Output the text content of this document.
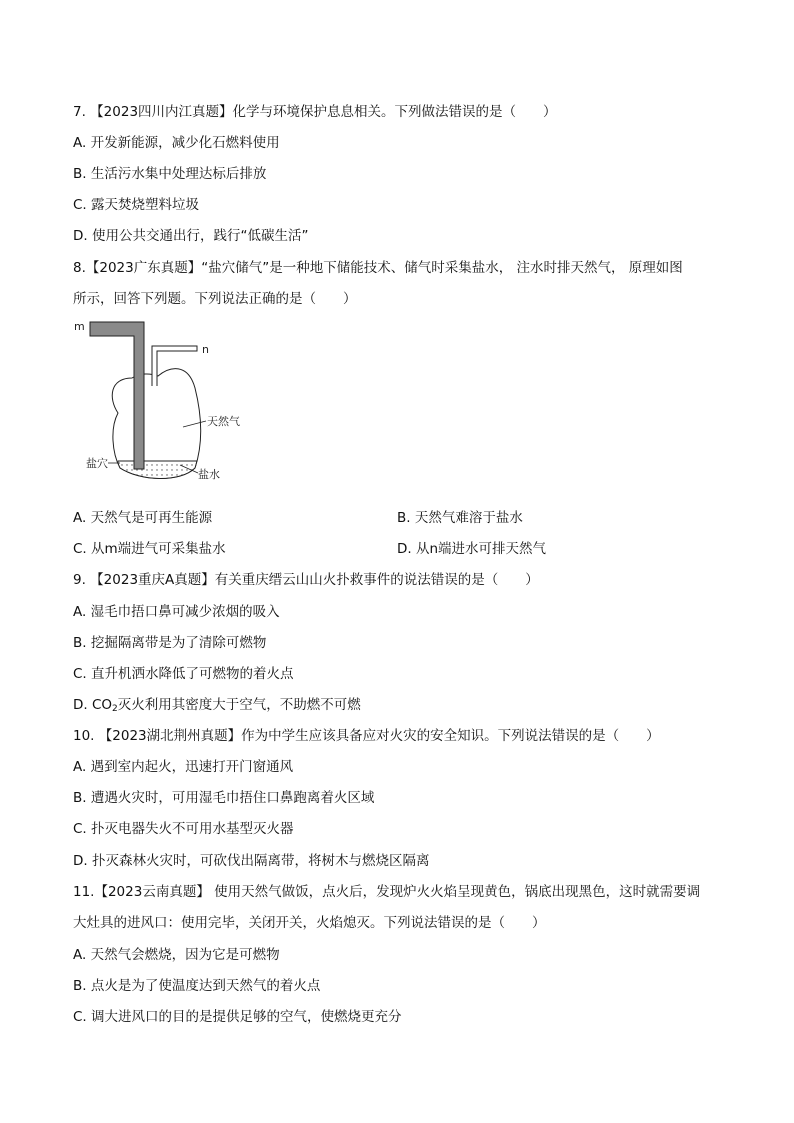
7. 【2023四川内江真题】化学与环境保护息息相关。下列做法错误的是（　　）
A. 开发新能源，减少化石燃料使用
B. 生活污水集中处理达标后排放
C. 露天焚烧塑料垃圾
D. 使用公共交通出行，践行“低碳生活”
8.【2023广东真题】“盐穴储气”是一种地下储能技术、储气时采集盐水， 注水时排天然气， 原理如图
所示，回答下列题。下列说法正确的是（　　）
m
n
天然气
盐穴
盐水
A. 天然气是可再生能源	B. 天然气难溶于盐水
C. 从m端进气可采集盐水	D. 从n端进水可排天然气
9. 【2023重庆A真题】有关重庆缙云山山火扑救事件的说法错误的是（　　）
A. 湿毛巾捂口鼻可减少浓烟的吸入
B. 挖掘隔离带是为了清除可燃物
C. 直升机洒水降低了可燃物的着火点
D. $CO_2$灭火利用其密度大于空气，不助燃不可燃
10. 【2023湖北荆州真题】作为中学生应该具备应对火灾的安全知识。下列说法错误的是（　　）
A. 遇到室内起火，迅速打开门窗通风
B. 遭遇火灾时，可用湿毛巾捂住口鼻跑离着火区域
C. 扑灭电器失火不可用水基型灭火器
D. 扑灭森林火灾时，可砍伐出隔离带，将树木与燃烧区隔离
11.【2023云南真题】 使用天然气做饭，点火后，发现炉火火焰呈现黄色，锅底出现黑色，这时就需要调
大灶具的进风口：使用完毕，关闭开关，火焰熄灭。下列说法错误的是（　　）
A. 天然气会燃烧，因为它是可燃物
C. 调大进风口的目的是提供足够的空气，使燃烧更充分
B. 点火是为了使温度达到天然气的着火点
